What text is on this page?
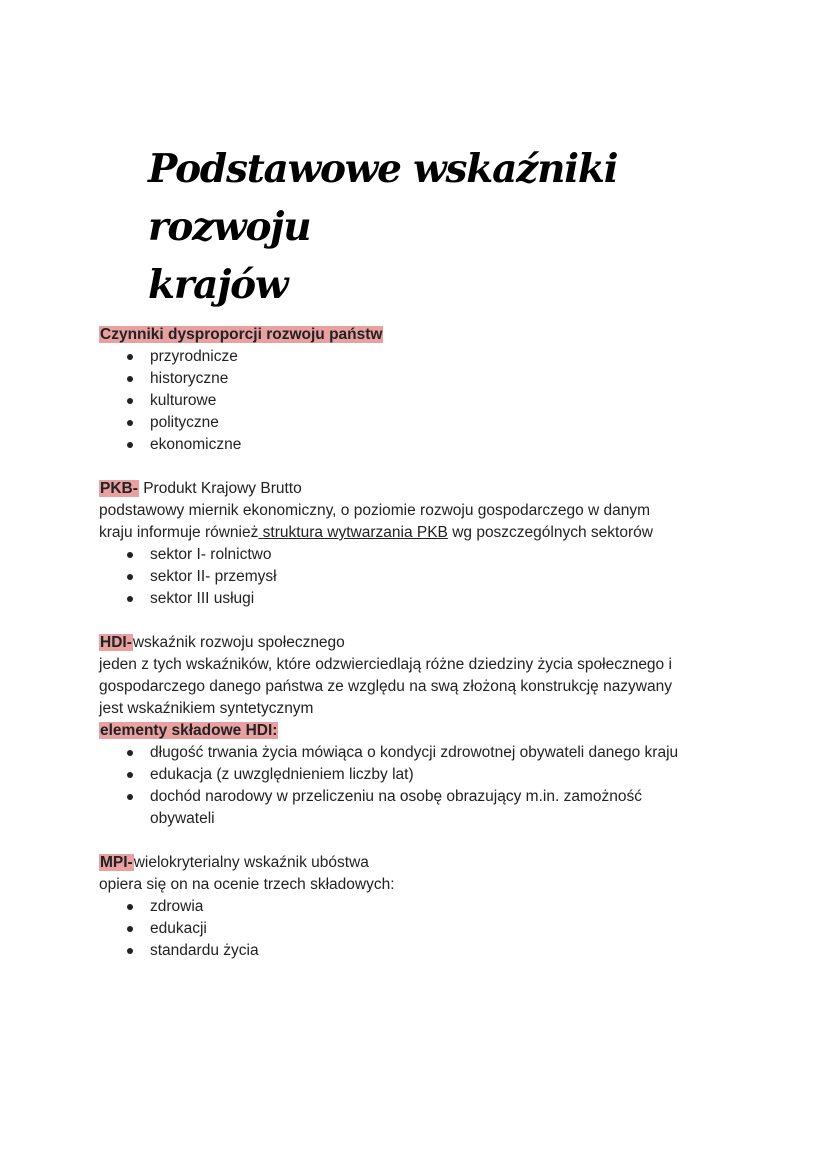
Podstawowe wskaźniki rozwoju
krajów

Czynniki dysproporcji rozwoju państw

przyrodnicze
historyczne
kulturowe
polityczne
ekonomiczne

PKB- Produkt Krajowy Brutto

podstawowy miernik ekonomiczny, o poziomie rozwoju gospodarczego w danym

kraju informuje również struktura wytwarzania PKB wg poszczególnych sektorów

sektor I- rolnictwo
sektor II- przemysł
sektor III usługi

HDI-wskaźnik rozwoju społecznego

jeden z tych wskaźników, które odzwierciedlają różne dziedziny życia społecznego i

gospodarczego danego państwa ze względu na swą złożoną konstrukcję nazywany

jest wskaźnikiem syntetycznym

elementy składowe HDI:

długość trwania życia mówiąca o kondycji zdrowotnej obywateli danego kraju
edukacja (z uwzględnieniem liczby lat)
dochód narodowy w przeliczeniu na osobę obrazujący m.in. zamożność
obywateli

MPI-wielokryterialny wskaźnik ubóstwa

opiera się on na ocenie trzech składowych:

zdrowia
edukacji
standardu życia
